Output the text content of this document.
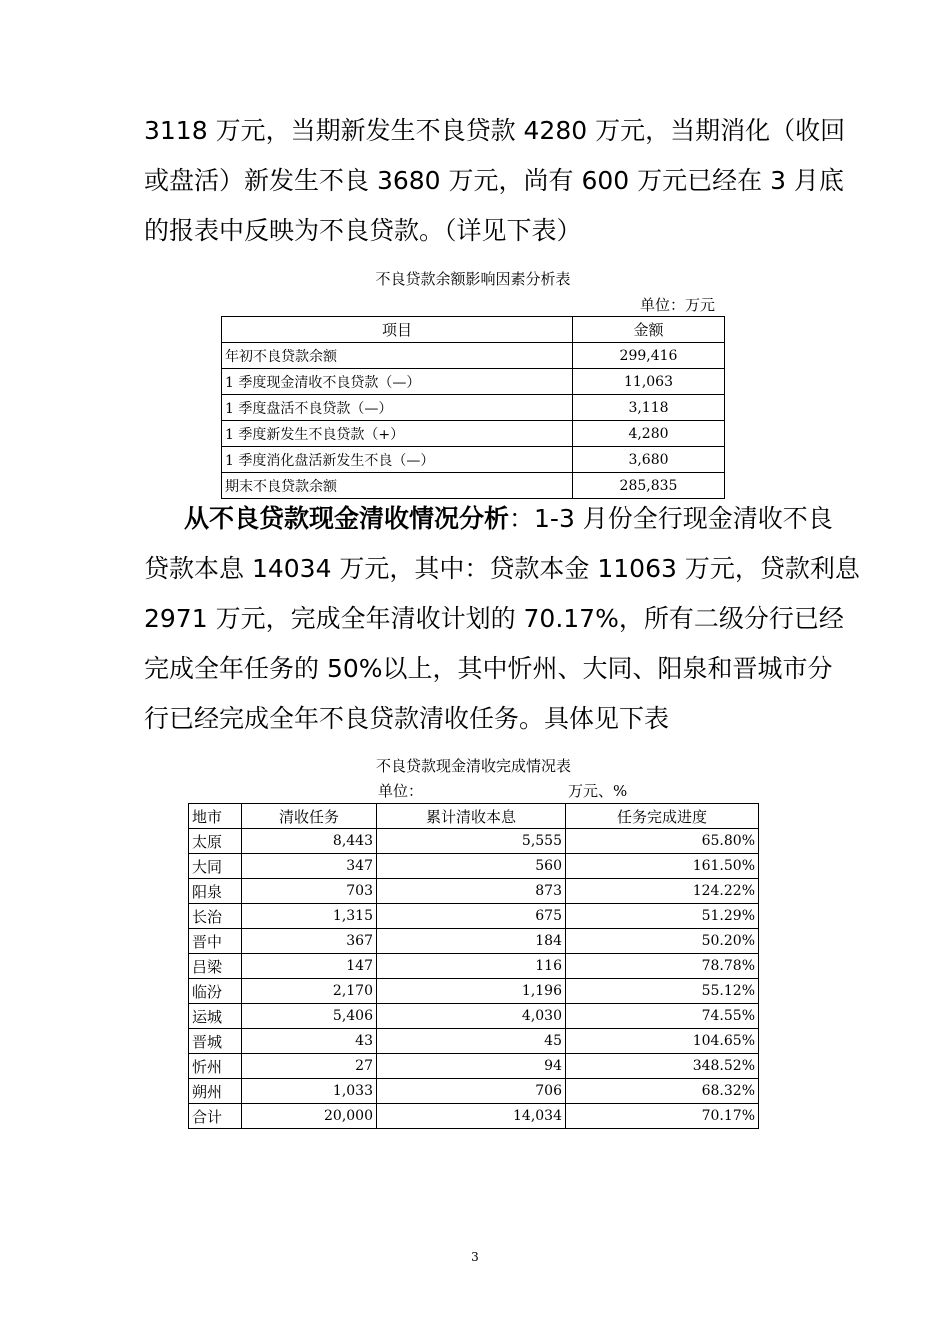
3118 万元，当期新发生不良贷款 4280 万元，当期消化（收回
或盘活）新发生不良 3680 万元，尚有 600 万元已经在 3 月底
的报表中反映为不良贷款。（详见下表）
不良贷款余额影响因素分析表
单位：万元
项目	金额
年初不良贷款余额	299,416
1 季度现金清收不良贷款（—）	11,063
1 季度盘活不良贷款（—）	3,118
1 季度新发生不良贷款（+）	4,280
1 季度消化盘活新发生不良（—）	3,680
期末不良贷款余额	285,835
从不良贷款现金清收情况分析：1-3 月份全行现金清收不良
贷款本息 14034 万元，其中：贷款本金 11063 万元，贷款利息
2971 万元，完成全年清收计划的 70.17%，所有二级分行已经
完成全年任务的 50%以上，其中忻州、大同、阳泉和晋城市分
行已经完成全年不良贷款清收任务。具体见下表
不良贷款现金清收完成情况表
单位：	万元、%
地市	清收任务	累计清收本息	任务完成进度
太原	8,443	5,555	65.80%
大同	347	560	161.50%
阳泉	703	873	124.22%
长治	1,315	675	51.29%
晋中	367	184	50.20%
吕梁	147	116	78.78%
临汾	2,170	1,196	55.12%
运城	5,406	4,030	74.55%
晋城	43	45	104.65%
忻州	27	94	348.52%
朔州	1,033	706	68.32%
合计	20,000	14,034	70.17%
3
